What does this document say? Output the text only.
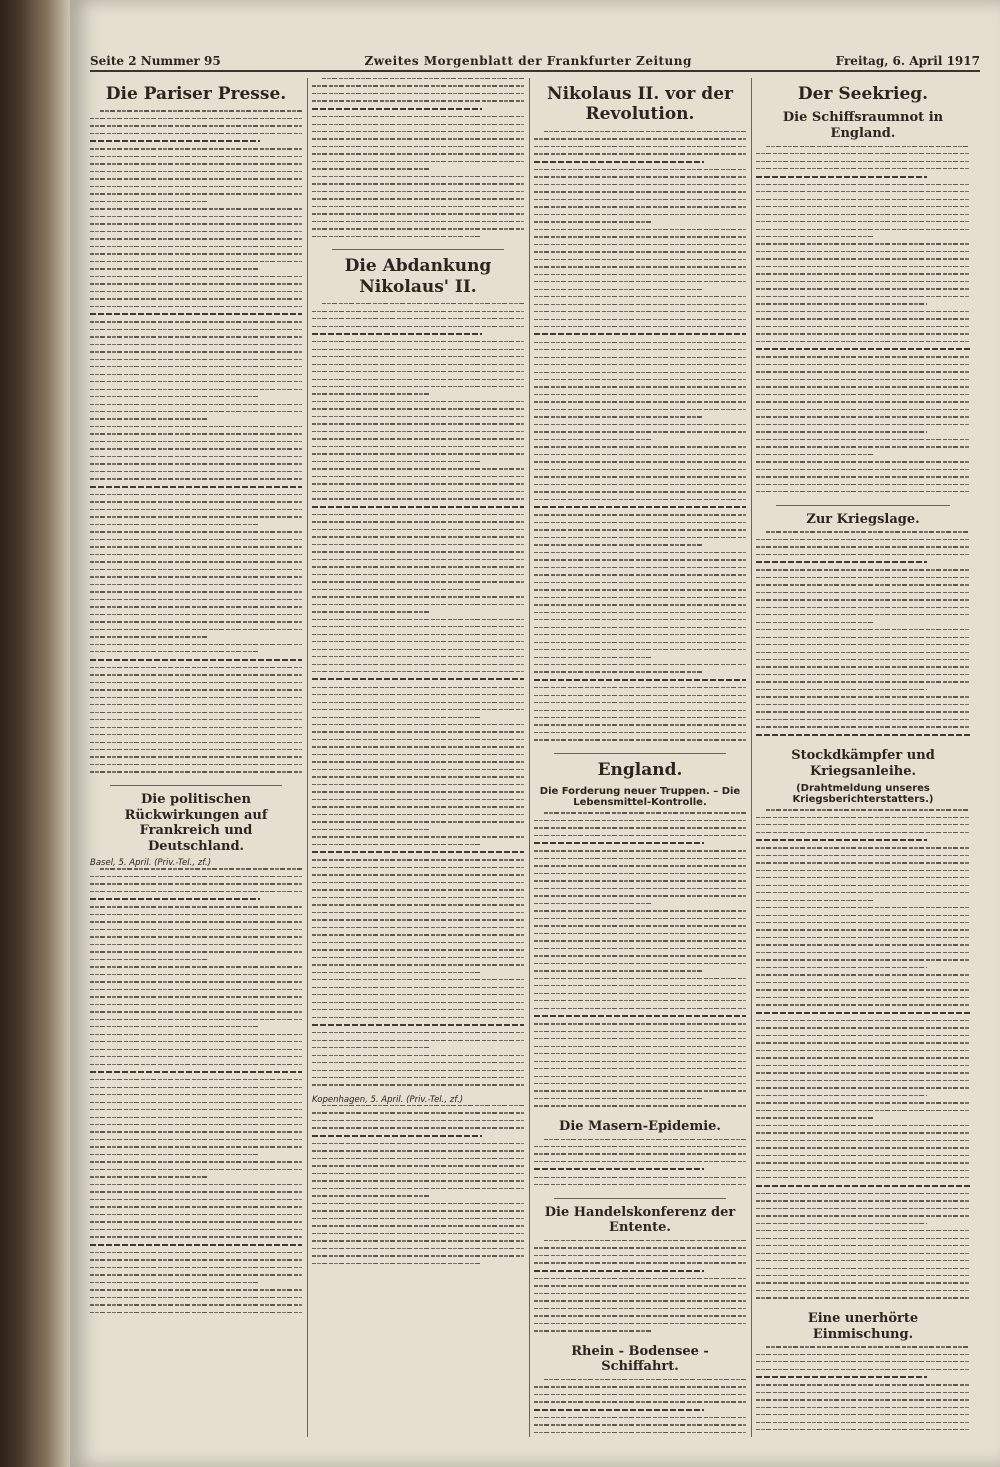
Seite 2 Nummer 95	Zweites Morgenblatt der Frankfurter Zeitung	Freitag, 6. April 1917
Die Pariser Presse.
Die politischen Rückwirkungen auf Frankreich und Deutschland.
Basel, 5. April. (Priv.-Tel., zf.)
Die Abdankung Nikolaus' II.
Kopenhagen, 5. April. (Priv.-Tel., zf.)
Nikolaus II. vor der Revolution.
England.
Die Forderung neuer Truppen. – Die Lebensmittel-Kontrolle.
Die Masern-Epidemie.
Die Handelskonferenz der Entente.
Rhein - Bodensee - Schiffahrt.
Der Seekrieg.
Die Schiffsraumnot in England.
Zur Kriegslage.
Stockdkämpfer und Kriegsanleihe.
(Drahtmeldung unseres Kriegsberichterstatters.)
Eine unerhörte Einmischung.
